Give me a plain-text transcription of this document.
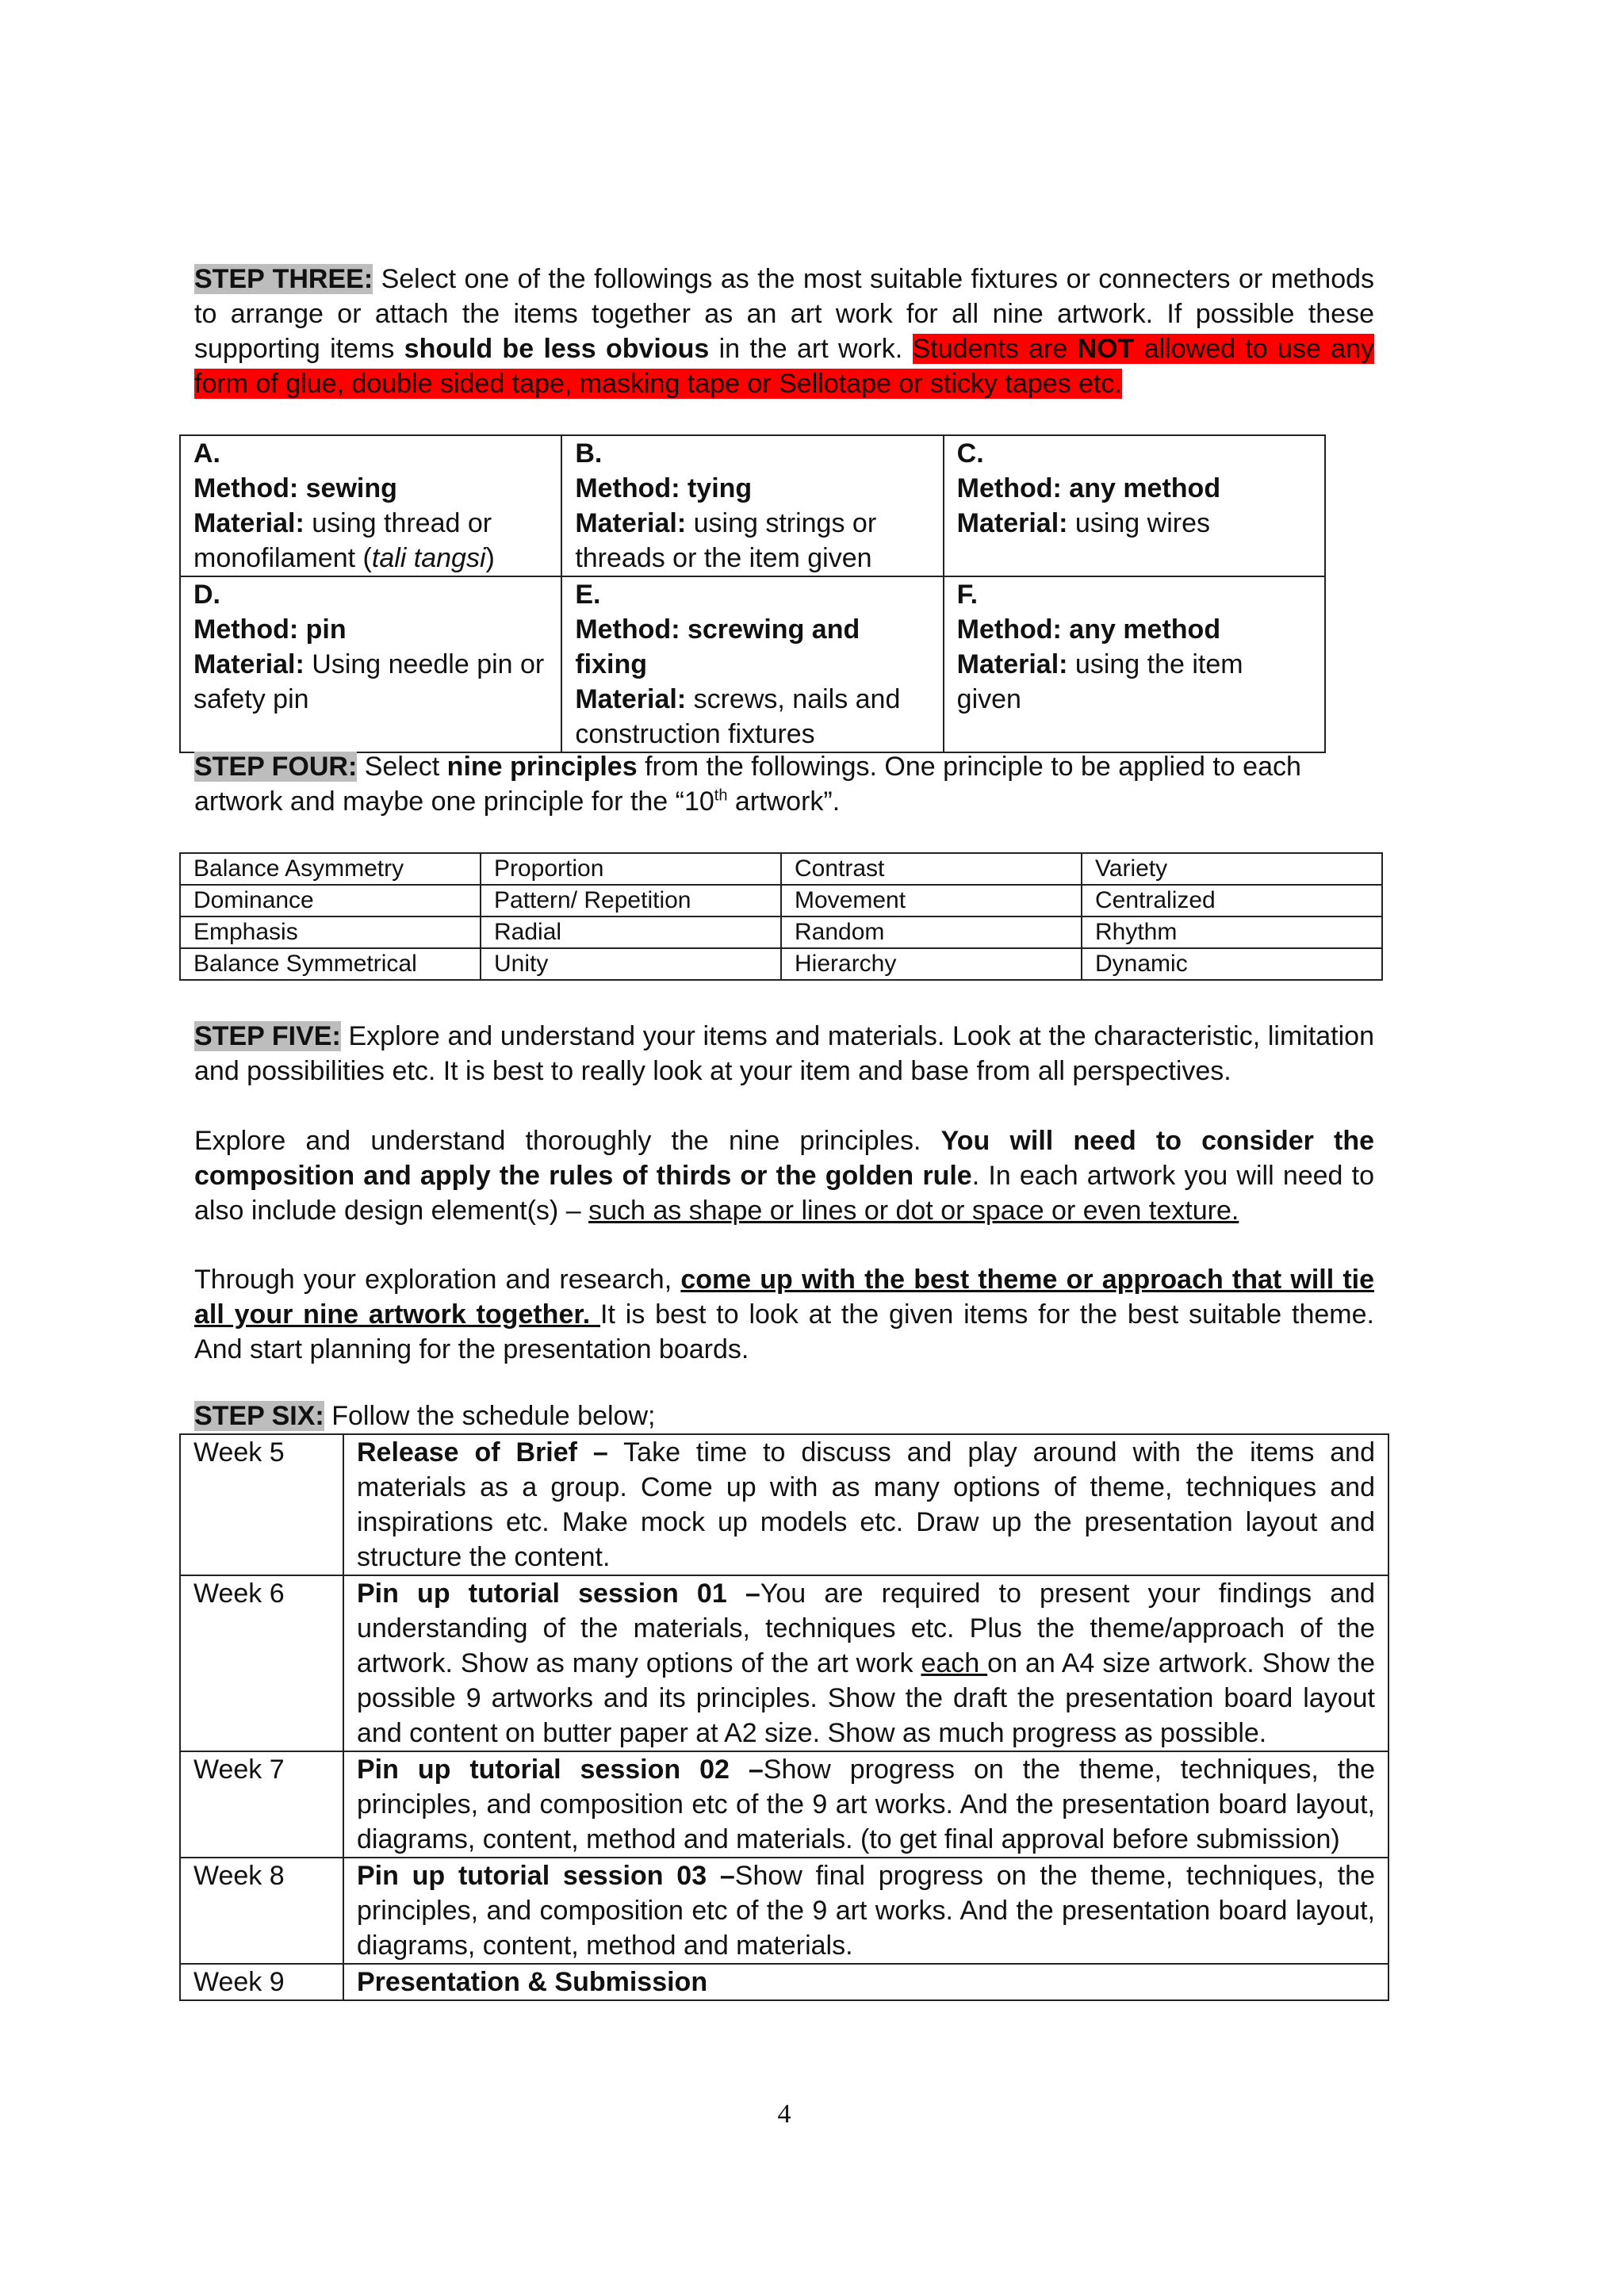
STEP THREE: Select one of the followings as the most suitable fixtures or connecters or methods to arrange or attach the items together as an art work for all nine artwork. If possible these supporting items should be less obvious in the art work. Students are NOT allowed to use any form of glue, double sided tape, masking tape or Sellotape or sticky tapes etc.
A.
Method: sewing
Material: using thread or monofilament (tali tangsi)	B.
Method: tying
Material: using strings or threads or the item given	C.
Method: any method
Material: using wires
D.
Method: pin
Material: Using needle pin or safety pin	E.
Method: screwing and fixing
Material: screws, nails and construction fixtures	F.
Method: any method
Material: using the item given
STEP FOUR: Select nine principles from the followings. One principle to be applied to each artwork and maybe one principle for the “10th artwork”.
Balance Asymmetry	Proportion	Contrast	Variety
Dominance	Pattern/ Repetition	Movement	Centralized
Emphasis	Radial	Random	Rhythm
Balance Symmetrical	Unity	Hierarchy	Dynamic
STEP FIVE: Explore and understand your items and materials. Look at the characteristic, limitation and possibilities etc. It is best to really look at your item and base from all perspectives.
Explore and understand thoroughly the nine principles. You will need to consider the composition and apply the rules of thirds or the golden rule. In each artwork you will need to also include design element(s) – such as shape or lines or dot or space or even texture.
Through your exploration and research, come up with the best theme or approach that will tie all your nine artwork together. It is best to look at the given items for the best suitable theme. And start planning for the presentation boards.
STEP SIX: Follow the schedule below;
Week 5	Release of Brief – Take time to discuss and play around with the items and materials as a group. Come up with as many options of theme, techniques and inspirations etc. Make mock up models etc. Draw up the presentation layout and structure the content.
Week 6	Pin up tutorial session 01 –You are required to present your findings and understanding of the materials, techniques etc. Plus the theme/approach of the artwork. Show as many options of the art work each on an A4 size artwork. Show the possible 9 artworks and its principles. Show the draft the presentation board layout and content on butter paper at A2 size. Show as much progress as possible.
Week 7	Pin up tutorial session 02 –Show progress on the theme, techniques, the principles, and composition etc of the 9 art works. And the presentation board layout, diagrams, content, method and materials. (to get final approval before submission)
Week 8	Pin up tutorial session 03 –Show final progress on the theme, techniques, the principles, and composition etc of the 9 art works. And the presentation board layout, diagrams, content, method and materials.
Week 9	Presentation & Submission
4
